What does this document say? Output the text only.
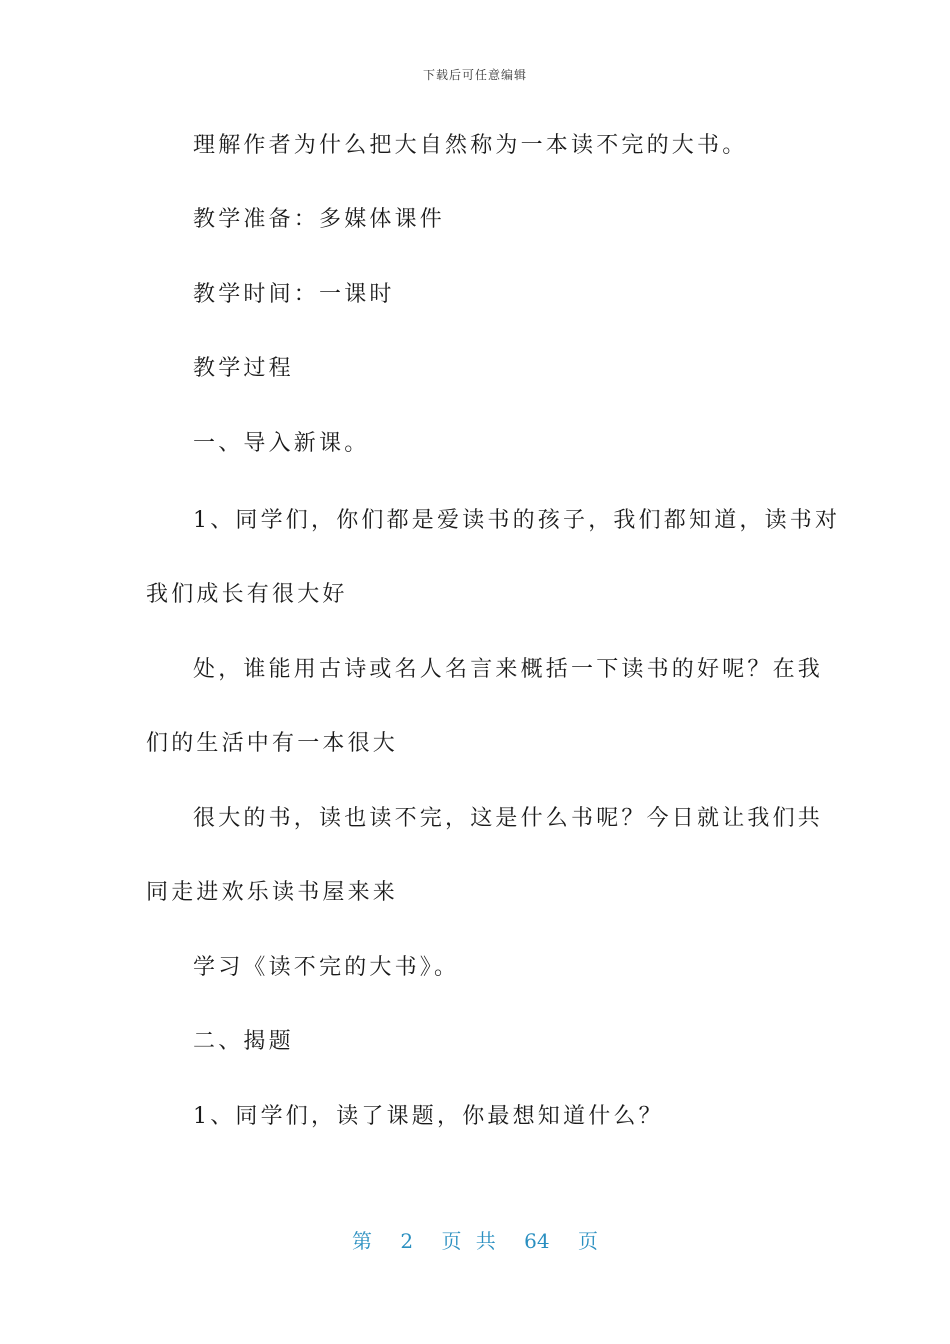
下载后可任意编辑
理解作者为什么把大自然称为一本读不完的大书。
教学准备：多媒体课件
教学时间：一课时
教学过程
一、导入新课。
1、同学们，你们都是爱读书的孩子，我们都知道，读书对
我们成长有很大好
处，谁能用古诗或名人名言来概括一下读书的好呢？在我
们的生活中有一本很大
很大的书，读也读不完，这是什么书呢？今日就让我们共
同走进欢乐读书屋来来
学习《读不完的大书》。
二、揭题
1、同学们，读了课题，你最想知道什么？
第 2 页 共 64 页
